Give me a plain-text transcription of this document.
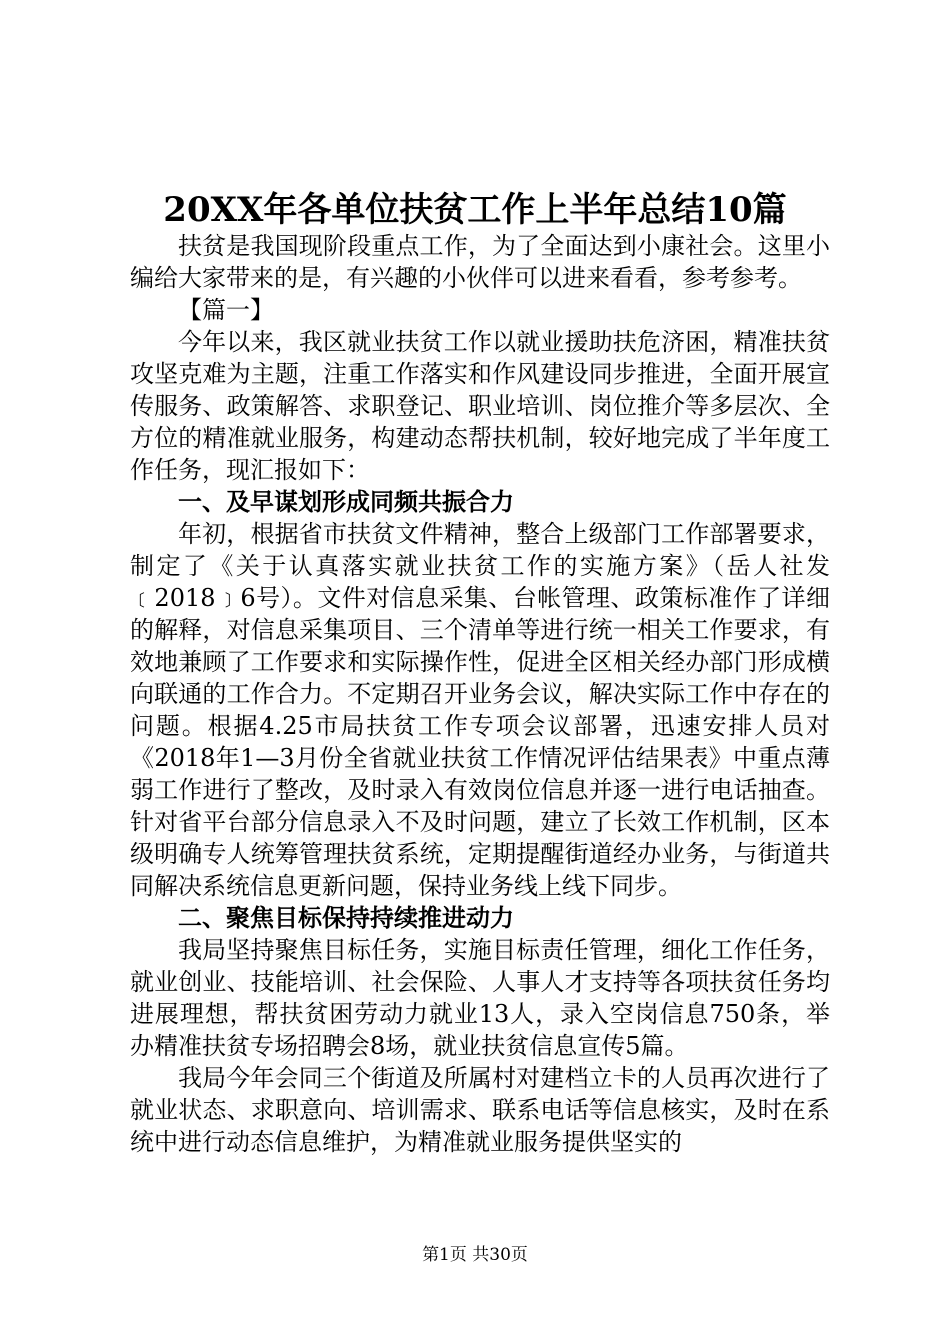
20XX年各单位扶贫工作上半年总结10篇

扶贫是我国现阶段重点工作，为了全面达到小康社会。这里小编给大家带来的是，有兴趣的小伙伴可以进来看看，参考参考。

【篇一】

今年以来，我区就业扶贫工作以就业援助扶危济困，精准扶贫攻坚克难为主题，注重工作落实和作风建设同步推进，全面开展宣传服务、政策解答、求职登记、职业培训、岗位推介等多层次、全方位的精准就业服务，构建动态帮扶机制，较好地完成了半年度工作任务，现汇报如下：

一、及早谋划形成同频共振合力

年初，根据省市扶贫文件精神，整合上级部门工作部署要求，制定了《关于认真落实就业扶贫工作的实施方案》（岳人社发﹝2018﹞6号）。文件对信息采集、台帐管理、政策标准作了详细的解释，对信息采集项目、三个清单等进行统一相关工作要求，有效地兼顾了工作要求和实际操作性，促进全区相关经办部门形成横向联通的工作合力。不定期召开业务会议，解决实际工作中存在的问题。根据4.25市局扶贫工作专项会议部署，迅速安排人员对《2018年1—3月份全省就业扶贫工作情况评估结果表》中重点薄弱工作进行了整改，及时录入有效岗位信息并逐一进行电话抽查。针对省平台部分信息录入不及时问题，建立了长效工作机制，区本级明确专人统筹管理扶贫系统，定期提醒街道经办业务，与街道共同解决系统信息更新问题，保持业务线上线下同步。

二、聚焦目标保持持续推进动力

我局坚持聚焦目标任务，实施目标责任管理，细化工作任务，就业创业、技能培训、社会保险、人事人才支持等各项扶贫任务均进展理想，帮扶贫困劳动力就业13人，录入空岗信息750条，举办精准扶贫专场招聘会8场，就业扶贫信息宣传5篇。

我局今年会同三个街道及所属村对建档立卡的人员再次进行了就业状态、求职意向、培训需求、联系电话等信息核实，及时在系统中进行动态信息维护，为精准就业服务提供坚实的

第1页 共30页
